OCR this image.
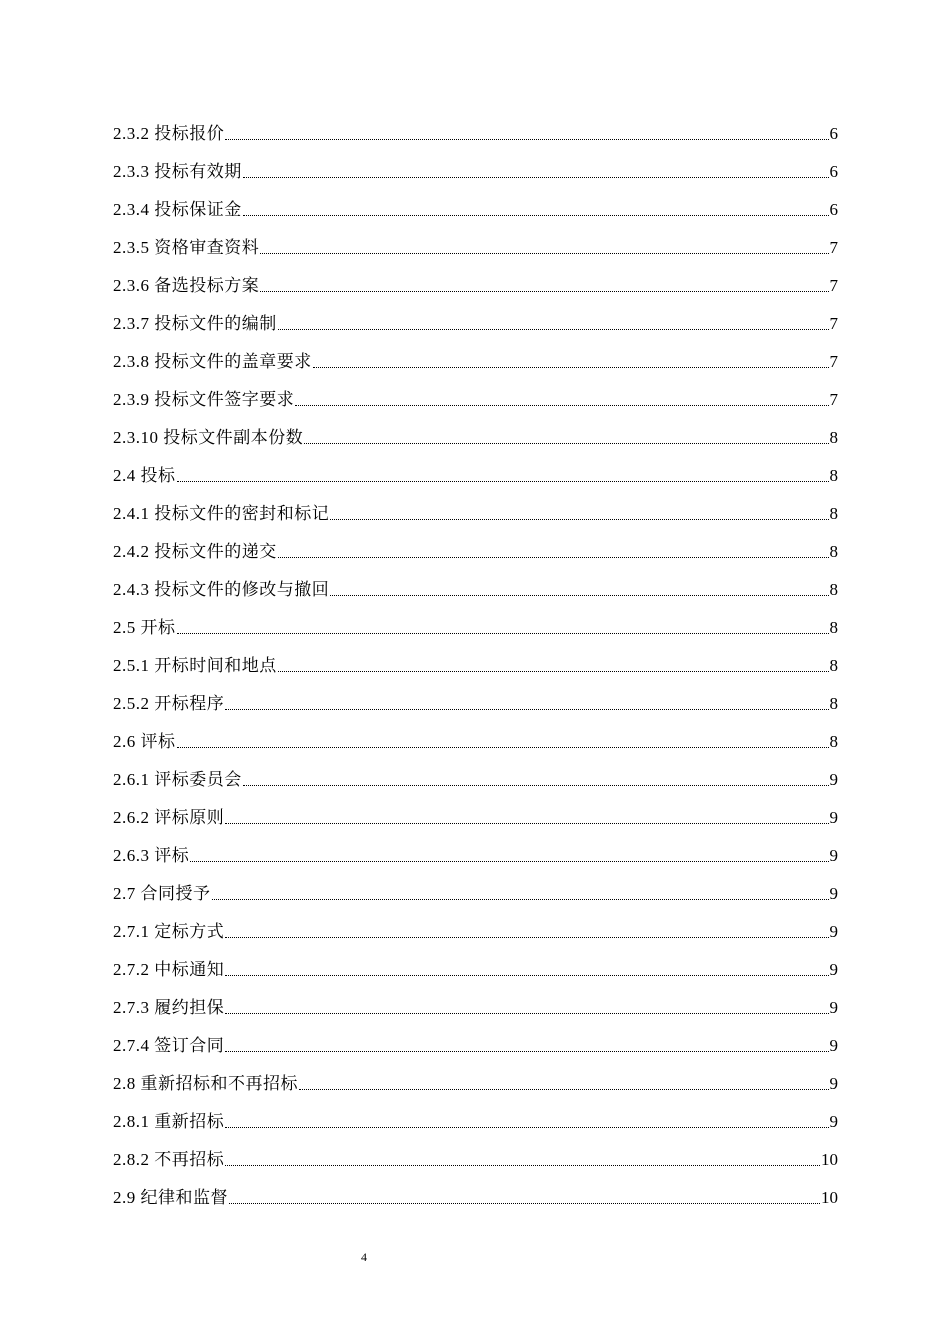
2.3.2 投标报价	6
2.3.3 投标有效期	6
2.3.4 投标保证金	6
2.3.5 资格审查资料	7
2.3.6 备选投标方案	7
2.3.7 投标文件的编制	7
2.3.8 投标文件的盖章要求	7
2.3.9 投标文件签字要求	7
2.3.10 投标文件副本份数	8
2.4 投标	8
2.4.1 投标文件的密封和标记	8
2.4.2 投标文件的递交	8
2.4.3 投标文件的修改与撤回	8
2.5 开标	8
2.5.1 开标时间和地点	8
2.5.2 开标程序	8
2.6 评标	8
2.6.1 评标委员会	9
2.6.2 评标原则	9
2.6.3 评标	9
2.7 合同授予	9
2.7.1 定标方式	9
2.7.2 中标通知	9
2.7.3 履约担保	9
2.7.4 签订合同	9
2.8 重新招标和不再招标	9
2.8.1 重新招标	9
2.8.2 不再招标	10
2.9 纪律和监督	10
4
